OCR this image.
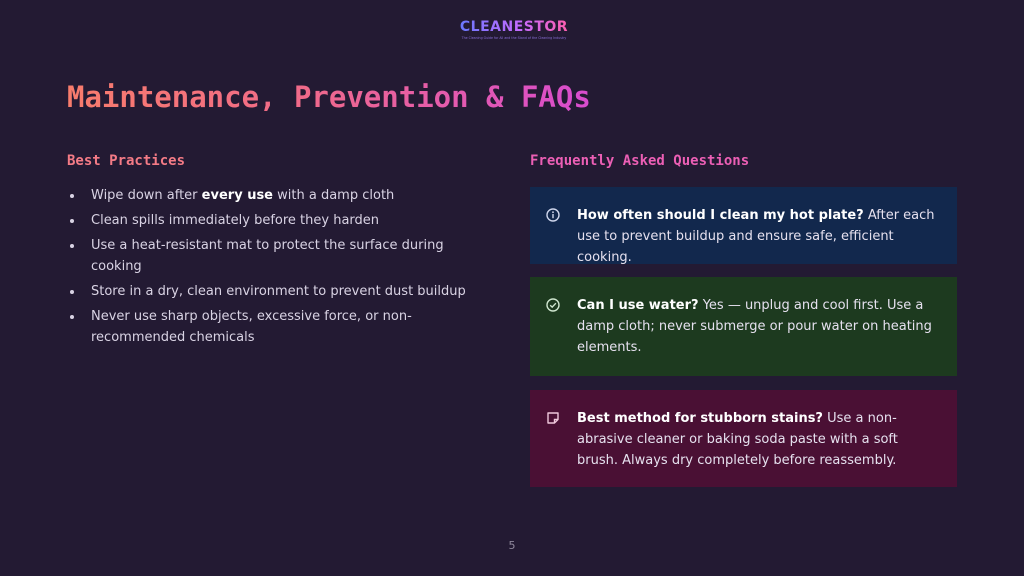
CLEANESTOR
The Cleaning Guide for All and the Stand of the Cleaning Industry
Maintenance, Prevention & FAQs
Best Practices
Wipe down after every use with a damp cloth
Clean spills immediately before they harden
Use a heat-resistant mat to protect the surface during cooking
Store in a dry, clean environment to prevent dust buildup
Never use sharp objects, excessive force, or non-recommended chemicals
Frequently Asked Questions
How often should I clean my hot plate? After each use to prevent buildup and ensure safe, efficient cooking.
Can I use water? Yes — unplug and cool first. Use a damp cloth; never submerge or pour water on heating elements.
Best method for stubborn stains? Use a non-abrasive cleaner or baking soda paste with a soft brush. Always dry completely before reassembly.
5
